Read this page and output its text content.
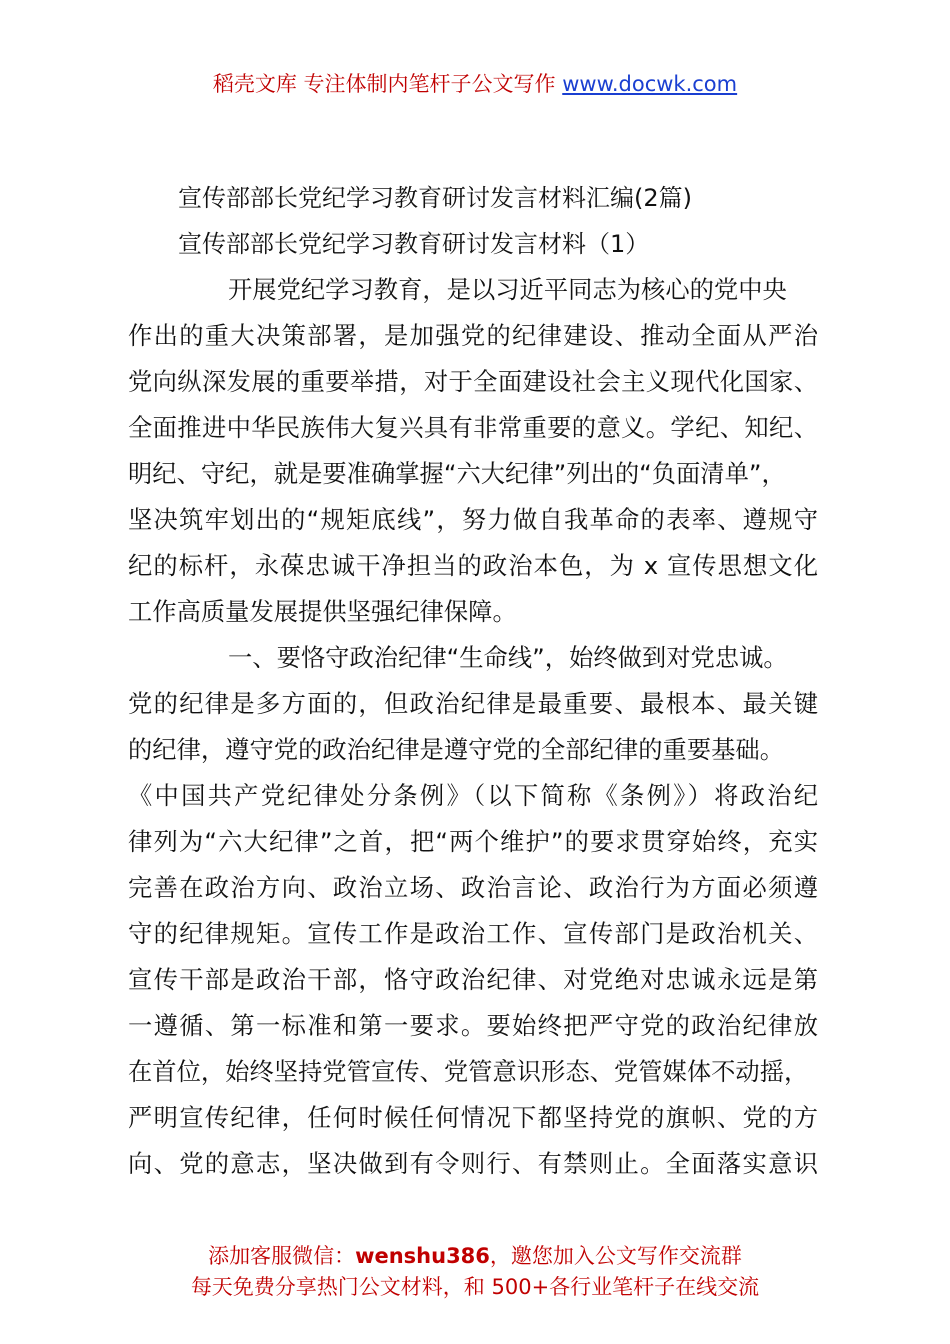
稻壳文库 专注体制内笔杆子公文写作 www.docwk.com
宣传部部长党纪学习教育研讨发言材料汇编(2篇)
宣传部部长党纪学习教育研讨发言材料（1）
开展党纪学习教育，是以习近平同志为核心的党中央
作出的重大决策部署，是加强党的纪律建设、推动全面从严治
党向纵深发展的重要举措，对于全面建设社会主义现代化国家、
全面推进中华民族伟大复兴具有非常重要的意义。学纪、知纪、
明纪、守纪，就是要准确掌握“六大纪律”列出的“负面清单”，
坚决筑牢划出的“规矩底线”，努力做自我革命的表率、遵规守
纪的标杆，永葆忠诚干净担当的政治本色，为 x 宣传思想文化
工作高质量发展提供坚强纪律保障。
一、要恪守政治纪律“生命线”，始终做到对党忠诚。
党的纪律是多方面的，但政治纪律是最重要、最根本、最关键
的纪律，遵守党的政治纪律是遵守党的全部纪律的重要基础。
《中国共产党纪律处分条例》（以下简称《条例》）将政治纪
律列为“六大纪律”之首，把“两个维护”的要求贯穿始终，充实
完善在政治方向、政治立场、政治言论、政治行为方面必须遵
守的纪律规矩。宣传工作是政治工作、宣传部门是政治机关、
宣传干部是政治干部，恪守政治纪律、对党绝对忠诚永远是第
一遵循、第一标准和第一要求。要始终把严守党的政治纪律放
在首位，始终坚持党管宣传、党管意识形态、党管媒体不动摇，
严明宣传纪律，任何时候任何情况下都坚持党的旗帜、党的方
向、党的意志，坚决做到有令则行、有禁则止。全面落实意识
添加客服微信：wenshu386，邀您加入公文写作交流群
每天免费分享热门公文材料，和 500+各行业笔杆子在线交流
